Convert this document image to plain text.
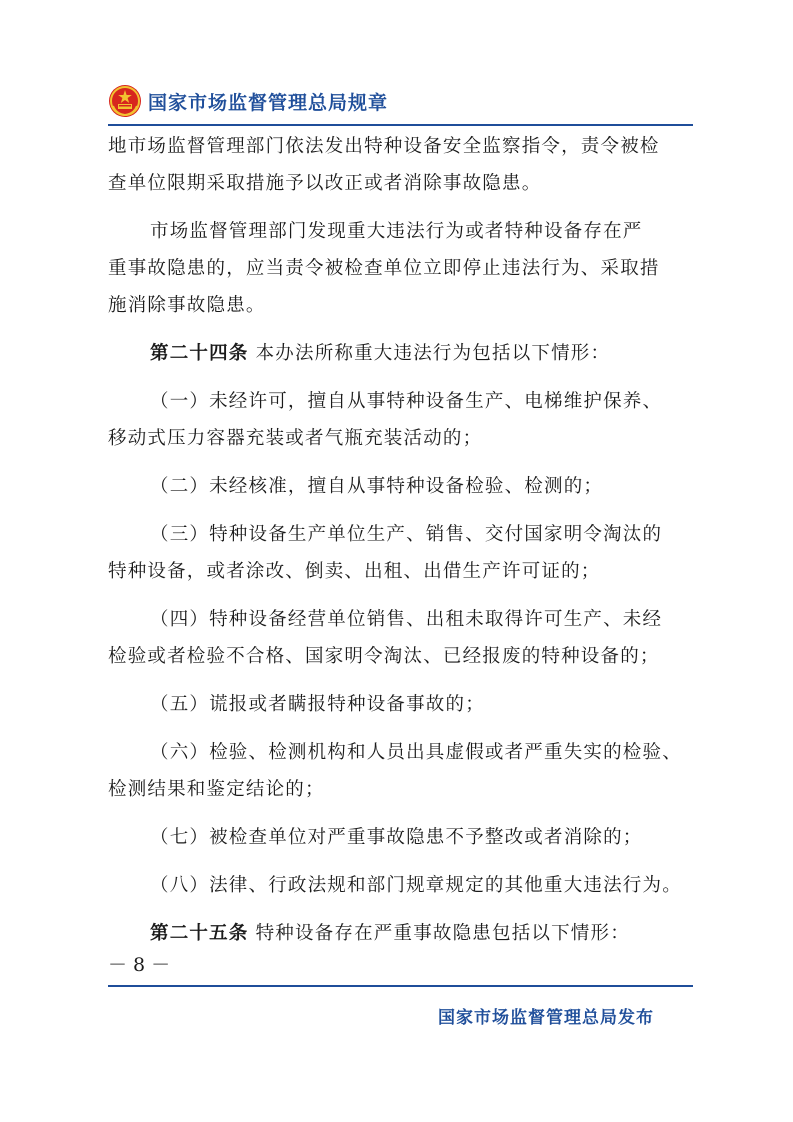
国家市场监督管理总局规章
地市场监督管理部门依法发出特种设备安全监察指令，责令被检
查单位限期采取措施予以改正或者消除事故隐患。
市场监督管理部门发现重大违法行为或者特种设备存在严
重事故隐患的，应当责令被检查单位立即停止违法行为、采取措
施消除事故隐患。
第二十四条 本办法所称重大违法行为包括以下情形：
（一）未经许可，擅自从事特种设备生产、电梯维护保养、
移动式压力容器充装或者气瓶充装活动的；
（二）未经核准，擅自从事特种设备检验、检测的；
（三）特种设备生产单位生产、销售、交付国家明令淘汰的
特种设备，或者涂改、倒卖、出租、出借生产许可证的；
（四）特种设备经营单位销售、出租未取得许可生产、未经
检验或者检验不合格、国家明令淘汰、已经报废的特种设备的；
（五）谎报或者瞒报特种设备事故的；
（六）检验、检测机构和人员出具虚假或者严重失实的检验、
检测结果和鉴定结论的；
（七）被检查单位对严重事故隐患不予整改或者消除的；
（八）法律、行政法规和部门规章规定的其他重大违法行为。
第二十五条 特种设备存在严重事故隐患包括以下情形：
－ 8 －
国家市场监督管理总局发布
